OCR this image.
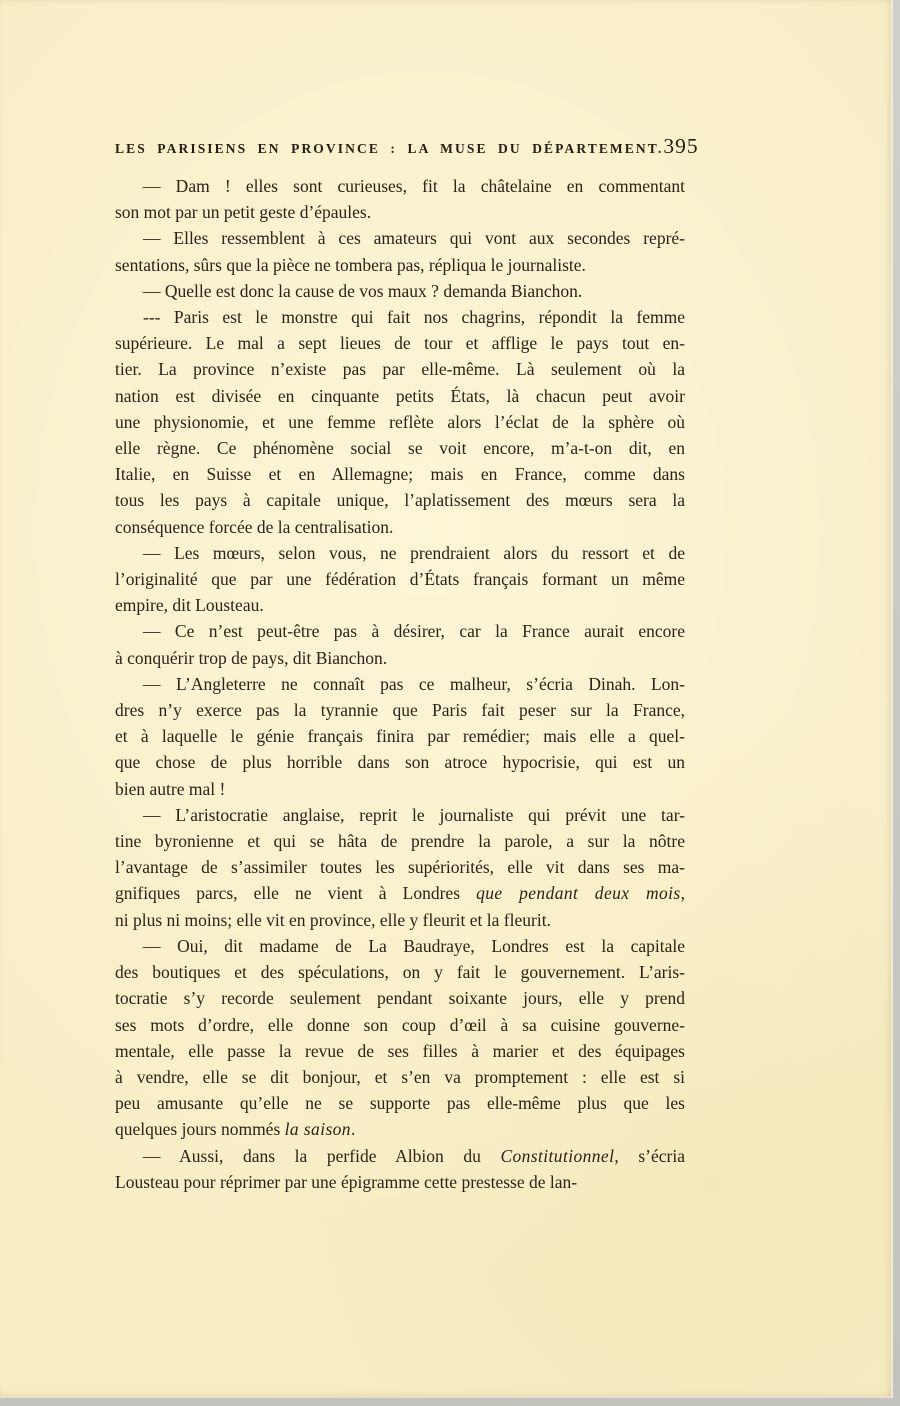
LES PARISIENS EN PROVINCE : LA MUSE DU DÉPARTEMENT. 395
— Dam ! elles sont curieuses, fit la châtelaine en commentant
son mot par un petit geste d’épaules.
— Elles ressemblent à ces amateurs qui vont aux secondes repré-
sentations, sûrs que la pièce ne tombera pas, répliqua le journaliste.
— Quelle est donc la cause de vos maux ? demanda Bianchon.
--- Paris est le monstre qui fait nos chagrins, répondit la femme
supérieure. Le mal a sept lieues de tour et afflige le pays tout en-
tier. La province n’existe pas par elle-même. Là seulement où la
nation est divisée en cinquante petits États, là chacun peut avoir
une physionomie, et une femme reflète alors l’éclat de la sphère où
elle règne. Ce phénomène social se voit encore, m’a-t-on dit, en
Italie, en Suisse et en Allemagne; mais en France, comme dans
tous les pays à capitale unique, l’aplatissement des mœurs sera la
conséquence forcée de la centralisation.
— Les mœurs, selon vous, ne prendraient alors du ressort et de
l’originalité que par une fédération d’États français formant un même
empire, dit Lousteau.
— Ce n’est peut-être pas à désirer, car la France aurait encore
à conquérir trop de pays, dit Bianchon.
— L’Angleterre ne connaît pas ce malheur, s’écria Dinah. Lon-
dres n’y exerce pas la tyrannie que Paris fait peser sur la France,
et à laquelle le génie français finira par remédier; mais elle a quel-
que chose de plus horrible dans son atroce hypocrisie, qui est un
bien autre mal !
— L’aristocratie anglaise, reprit le journaliste qui prévit une tar-
tine byronienne et qui se hâta de prendre la parole, a sur la nôtre
l’avantage de s’assimiler toutes les supériorités, elle vit dans ses ma-
gnifiques parcs, elle ne vient à Londres que pendant deux mois,
ni plus ni moins; elle vit en province, elle y fleurit et la fleurit.
— Oui, dit madame de La Baudraye, Londres est la capitale
des boutiques et des spéculations, on y fait le gouvernement. L’aris-
tocratie s’y recorde seulement pendant soixante jours, elle y prend
ses mots d’ordre, elle donne son coup d’œil à sa cuisine gouverne-
mentale, elle passe la revue de ses filles à marier et des équipages
à vendre, elle se dit bonjour, et s’en va promptement : elle est si
peu amusante qu’elle ne se supporte pas elle-même plus que les
quelques jours nommés la saison.
— Aussi, dans la perfide Albion du Constitutionnel, s’écria
Lousteau pour réprimer par une épigramme cette prestesse de lan-
